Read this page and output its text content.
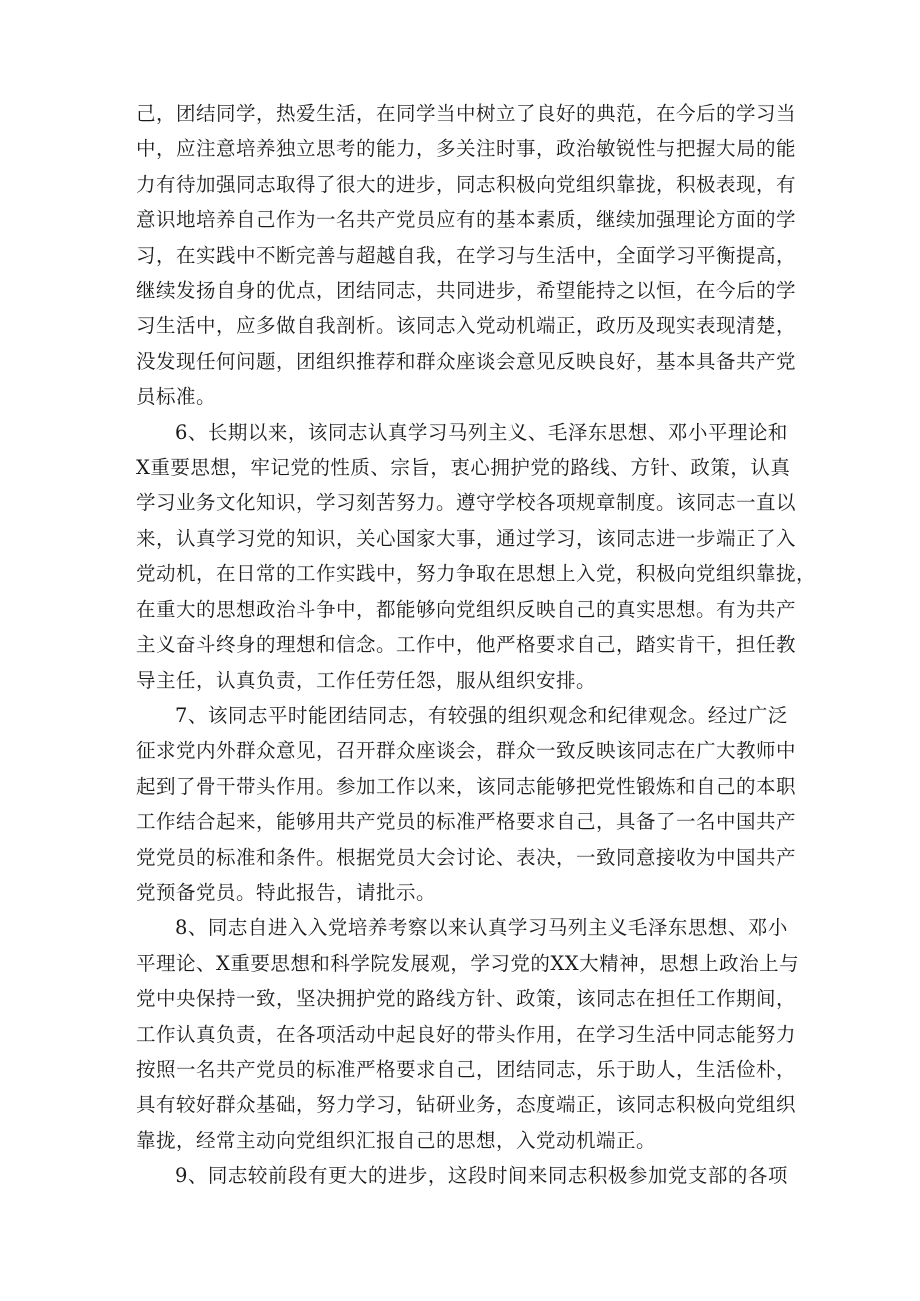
己，团结同学，热爱生活，在同学当中树立了良好的典范，在今后的学习当
中，应注意培养独立思考的能力，多关注时事，政治敏锐性与把握大局的能
力有待加强同志取得了很大的进步，同志积极向党组织靠拢，积极表现，有
意识地培养自己作为一名共产党员应有的基本素质，继续加强理论方面的学
习，在实践中不断完善与超越自我，在学习与生活中，全面学习平衡提高，
继续发扬自身的优点，团结同志，共同进步，希望能持之以恒，在今后的学
习生活中，应多做自我剖析。该同志入党动机端正，政历及现实表现清楚，
没发现任何问题，团组织推荐和群众座谈会意见反映良好，基本具备共产党
员标准。

6、长期以来，该同志认真学习马列主义、毛泽东思想、邓小平理论和
X重要思想，牢记党的性质、宗旨，衷心拥护党的路线、方针、政策，认真
学习业务文化知识，学习刻苦努力。遵守学校各项规章制度。该同志一直以
来，认真学习党的知识，关心国家大事，通过学习，该同志进一步端正了入
党动机，在日常的工作实践中，努力争取在思想上入党，积极向党组织靠拢，
在重大的思想政治斗争中，都能够向党组织反映自己的真实思想。有为共产
主义奋斗终身的理想和信念。工作中，他严格要求自己，踏实肯干，担任教
导主任，认真负责，工作任劳任怨，服从组织安排。

7、该同志平时能团结同志，有较强的组织观念和纪律观念。经过广泛
征求党内外群众意见，召开群众座谈会，群众一致反映该同志在广大教师中
起到了骨干带头作用。参加工作以来，该同志能够把党性锻炼和自己的本职
工作结合起来，能够用共产党员的标准严格要求自己，具备了一名中国共产
党党员的标准和条件。根据党员大会讨论、表决，一致同意接收为中国共产
党预备党员。特此报告，请批示。

8、同志自进入入党培养考察以来认真学习马列主义毛泽东思想、邓小
平理论、X重要思想和科学院发展观，学习党的XX大精神，思想上政治上与
党中央保持一致，坚决拥护党的路线方针、政策，该同志在担任工作期间，
工作认真负责，在各项活动中起良好的带头作用，在学习生活中同志能努力
按照一名共产党员的标准严格要求自己，团结同志，乐于助人，生活俭朴，
具有较好群众基础，努力学习，钻研业务，态度端正，该同志积极向党组织
靠拢，经常主动向党组织汇报自己的思想，入党动机端正。

9、同志较前段有更大的进步，这段时间来同志积极参加党支部的各项
